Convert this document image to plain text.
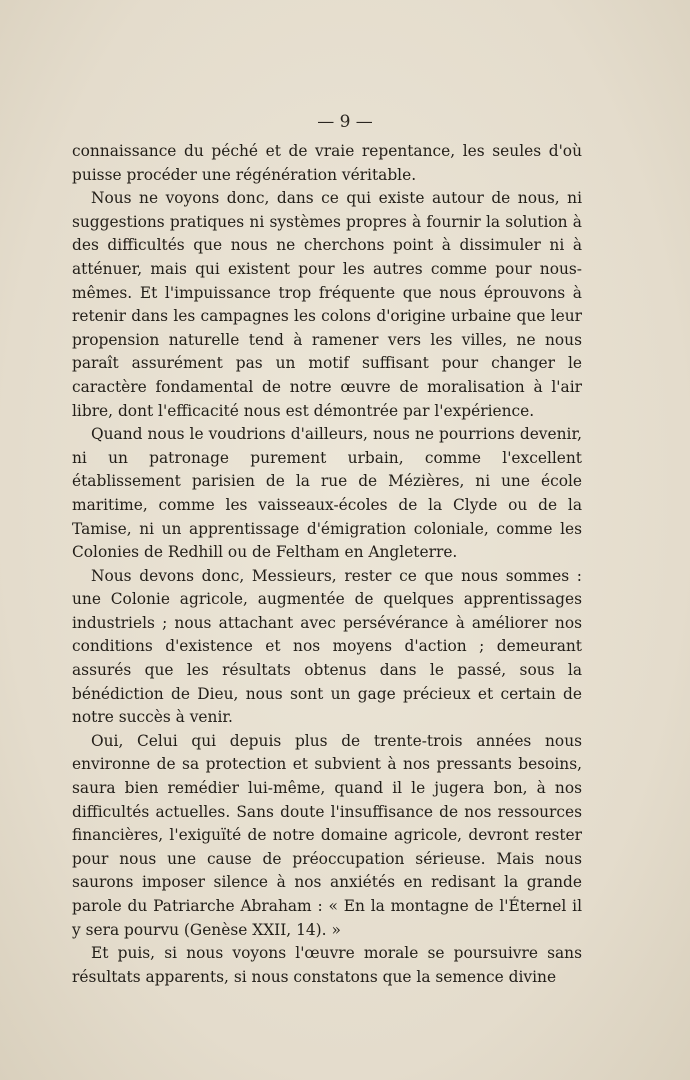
— 9 —

connaissance du péché et de vraie repentance, les seules d'où puisse procéder une régénération véritable.

Nous ne voyons donc, dans ce qui existe autour de nous, ni suggestions pratiques ni systèmes propres à fournir la solution à des difficultés que nous ne cherchons point à dissimuler ni à atténuer, mais qui existent pour les autres comme pour nous-mêmes. Et l'impuissance trop fréquente que nous éprouvons à retenir dans les campagnes les colons d'origine urbaine que leur propension naturelle tend à ramener vers les villes, ne nous paraît assurément pas un motif suffisant pour changer le caractère fondamental de notre œuvre de moralisation à l'air libre, dont l'efficacité nous est démontrée par l'expérience.

Quand nous le voudrions d'ailleurs, nous ne pourrions devenir, ni un patronage purement urbain, comme l'excellent établissement parisien de la rue de Mézières, ni une école maritime, comme les vaisseaux-écoles de la Clyde ou de la Tamise, ni un apprentissage d'émigration coloniale, comme les Colonies de Redhill ou de Feltham en Angleterre.

Nous devons donc, Messieurs, rester ce que nous sommes : une Colonie agricole, augmentée de quelques apprentissages industriels ; nous attachant avec persévérance à améliorer nos conditions d'existence et nos moyens d'action ; demeurant assurés que les résultats obtenus dans le passé, sous la bénédiction de Dieu, nous sont un gage précieux et certain de notre succès à venir.

Oui, Celui qui depuis plus de trente-trois années nous environne de sa protection et subvient à nos pressants besoins, saura bien remédier lui-même, quand il le jugera bon, à nos difficultés actuelles. Sans doute l'insuffisance de nos ressources financières, l'exiguïté de notre domaine agricole, devront rester pour nous une cause de préoccupation sérieuse. Mais nous saurons imposer silence à nos anxiétés en redisant la grande parole du Patriarche Abraham : « En la montagne de l'Éternel il y sera pourvu (Genèse XXII, 14). »

Et puis, si nous voyons l'œuvre morale se poursuivre sans résultats apparents, si nous constatons que la semence divine
